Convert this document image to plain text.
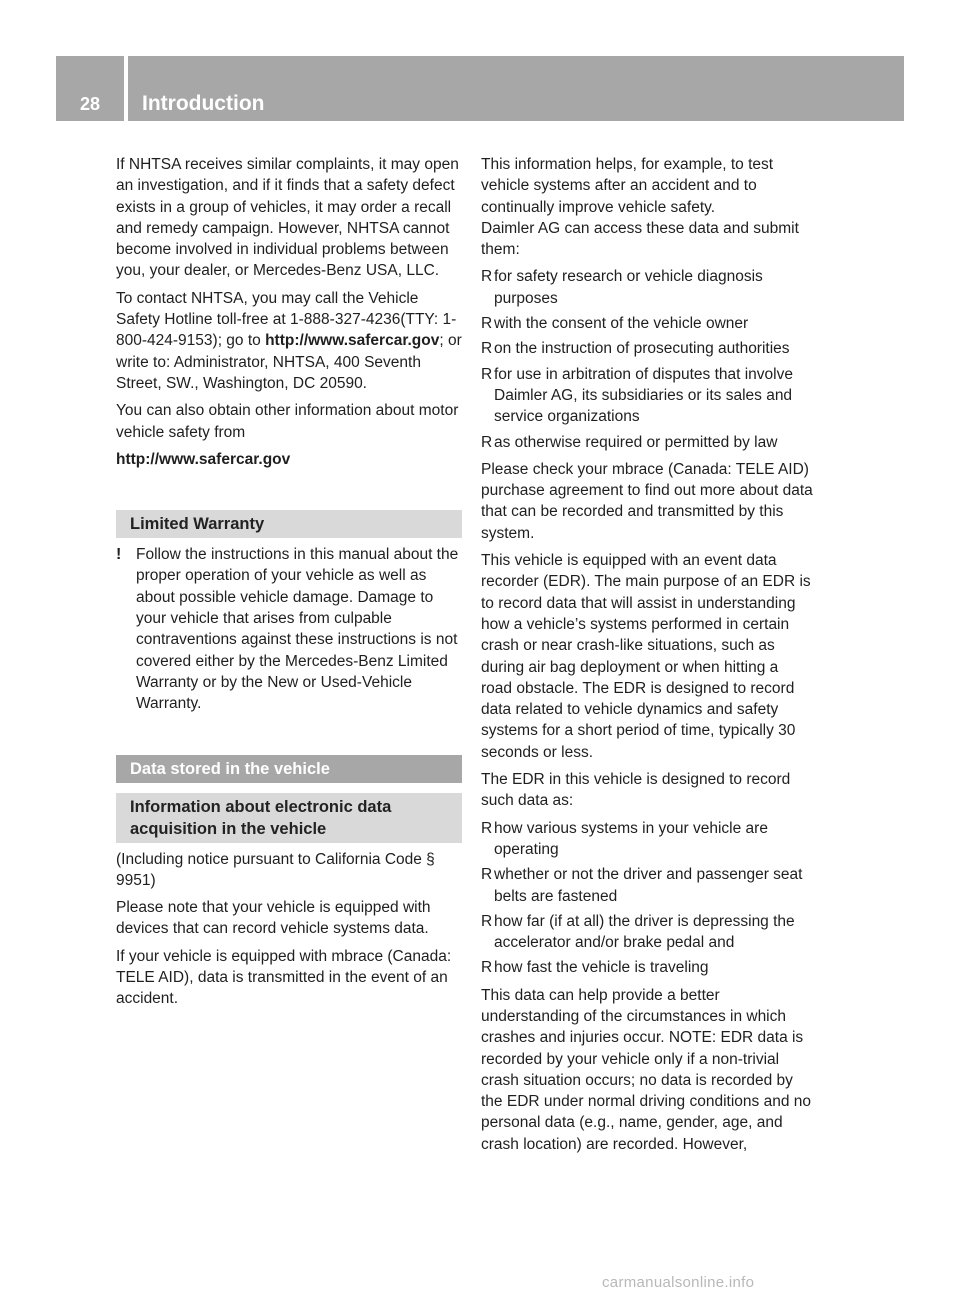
28	Introduction

If NHTSA receives similar complaints, it may open an investigation, and if it finds that a safety defect exists in a group of vehicles, it may order a recall and remedy campaign. However, NHTSA cannot become involved in individual problems between you, your dealer, or Mercedes-Benz USA, LLC.

To contact NHTSA, you may call the Vehicle Safety Hotline toll-free at 1-888-327-4236(TTY: 1-800-424-9153); go to http://www.safercar.gov; or write to: Administrator, NHTSA, 400 Seventh Street, SW., Washington, DC 20590.

You can also obtain other information about motor vehicle safety from

http://www.safercar.gov

Limited Warranty
! Follow the instructions in this manual about the proper operation of your vehicle as well as about possible vehicle damage. Damage to your vehicle that arises from culpable contraventions against these instructions is not covered either by the Mercedes-Benz Limited Warranty or by the New or Used-Vehicle Warranty.
Data stored in the vehicle
Information about electronic data acquisition in the vehicle

(Including notice pursuant to California Code § 9951)

Please note that your vehicle is equipped with devices that can record vehicle systems data.

If your vehicle is equipped with mbrace (Canada: TELE AID), data is transmitted in the event of an accident.

This information helps, for example, to test vehicle systems after an accident and to continually improve vehicle safety.

Daimler AG can access these data and submit them:

R for safety research or vehicle diagnosis purposes
R with the consent of the vehicle owner
R on the instruction of prosecuting authorities
R for use in arbitration of disputes that involve Daimler AG, its subsidiaries or its sales and service organizations
R as otherwise required or permitted by law

Please check your mbrace (Canada: TELE AID) purchase agreement to find out more about data that can be recorded and transmitted by this system.

This vehicle is equipped with an event data recorder (EDR). The main purpose of an EDR is to record data that will assist in understanding how a vehicle’s systems performed in certain crash or near crash-like situations, such as during air bag deployment or when hitting a road obstacle. The EDR is designed to record data related to vehicle dynamics and safety systems for a short period of time, typically 30 seconds or less.

The EDR in this vehicle is designed to record such data as:

R how various systems in your vehicle are operating
R whether or not the driver and passenger seat belts are fastened
R how far (if at all) the driver is depressing the accelerator and/or brake pedal and
R how fast the vehicle is traveling

This data can help provide a better understanding of the circumstances in which crashes and injuries occur. NOTE: EDR data is recorded by your vehicle only if a non-trivial crash situation occurs; no data is recorded by the EDR under normal driving conditions and no personal data (e.g., name, gender, age, and crash location) are recorded. However,

carmanualsonline.info
